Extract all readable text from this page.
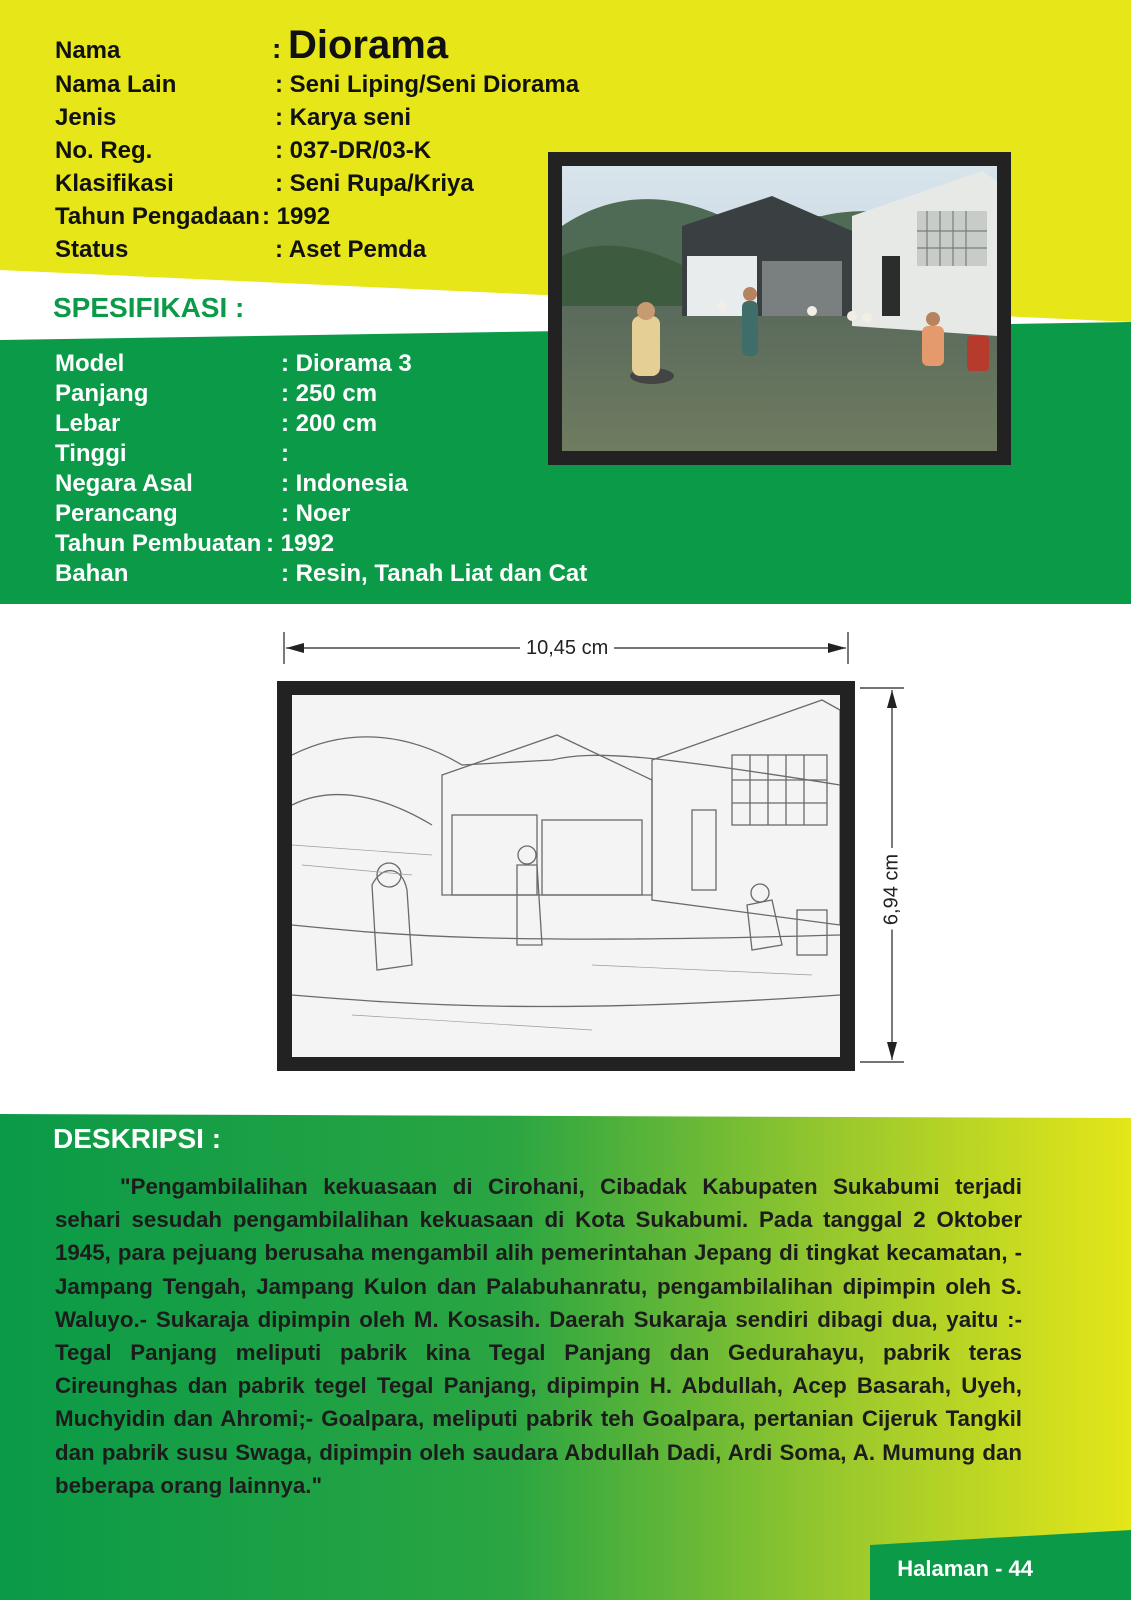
Nama	: Diorama
Nama Lain	: Seni Liping/Seni Diorama
Jenis	: Karya seni
No. Reg.	: 037-DR/03-K
Klasifikasi	: Seni Rupa/Kriya
Tahun Pengadaan : 1992
Status	: Aset Pemda
SPESIFIKASI :
Model	: Diorama 3
Panjang	: 250 cm
Lebar	: 200 cm
Tinggi	:
Negara Asal	: Indonesia
Perancang	: Noer
Tahun Pembuatan : 1992
Bahan	: Resin, Tanah Liat dan Cat
10,45 cm
6,94 cm
DESKRIPSI :
"Pengambilalihan kekuasaan di Cirohani, Cibadak Kabupaten Sukabumi terjadi sehari sesudah pengambilalihan kekuasaan di Kota Sukabumi. Pada tanggal 2 Oktober 1945, para pejuang berusaha mengambil alih pemerintahan Jepang di tingkat kecamatan, - Jampang Tengah, Jampang Kulon dan Palabuhanratu, pengambilalihan dipimpin oleh S. Waluyo.- Sukaraja dipimpin oleh M. Kosasih. Daerah Sukaraja sendiri dibagi dua, yaitu :- Tegal Panjang meliputi pabrik kina Tegal Panjang dan Gedurahayu, pabrik teras Cireunghas dan pabrik tegel Tegal Panjang, dipimpin H. Abdullah, Acep Basarah, Uyeh, Muchyidin dan Ahromi;- Goalpara, meliputi pabrik teh Goalpara, pertanian Cijeruk Tangkil dan pabrik susu Swaga, dipimpin oleh saudara Abdullah Dadi, Ardi Soma, A. Mumung dan beberapa orang lainnya."
Halaman - 44
